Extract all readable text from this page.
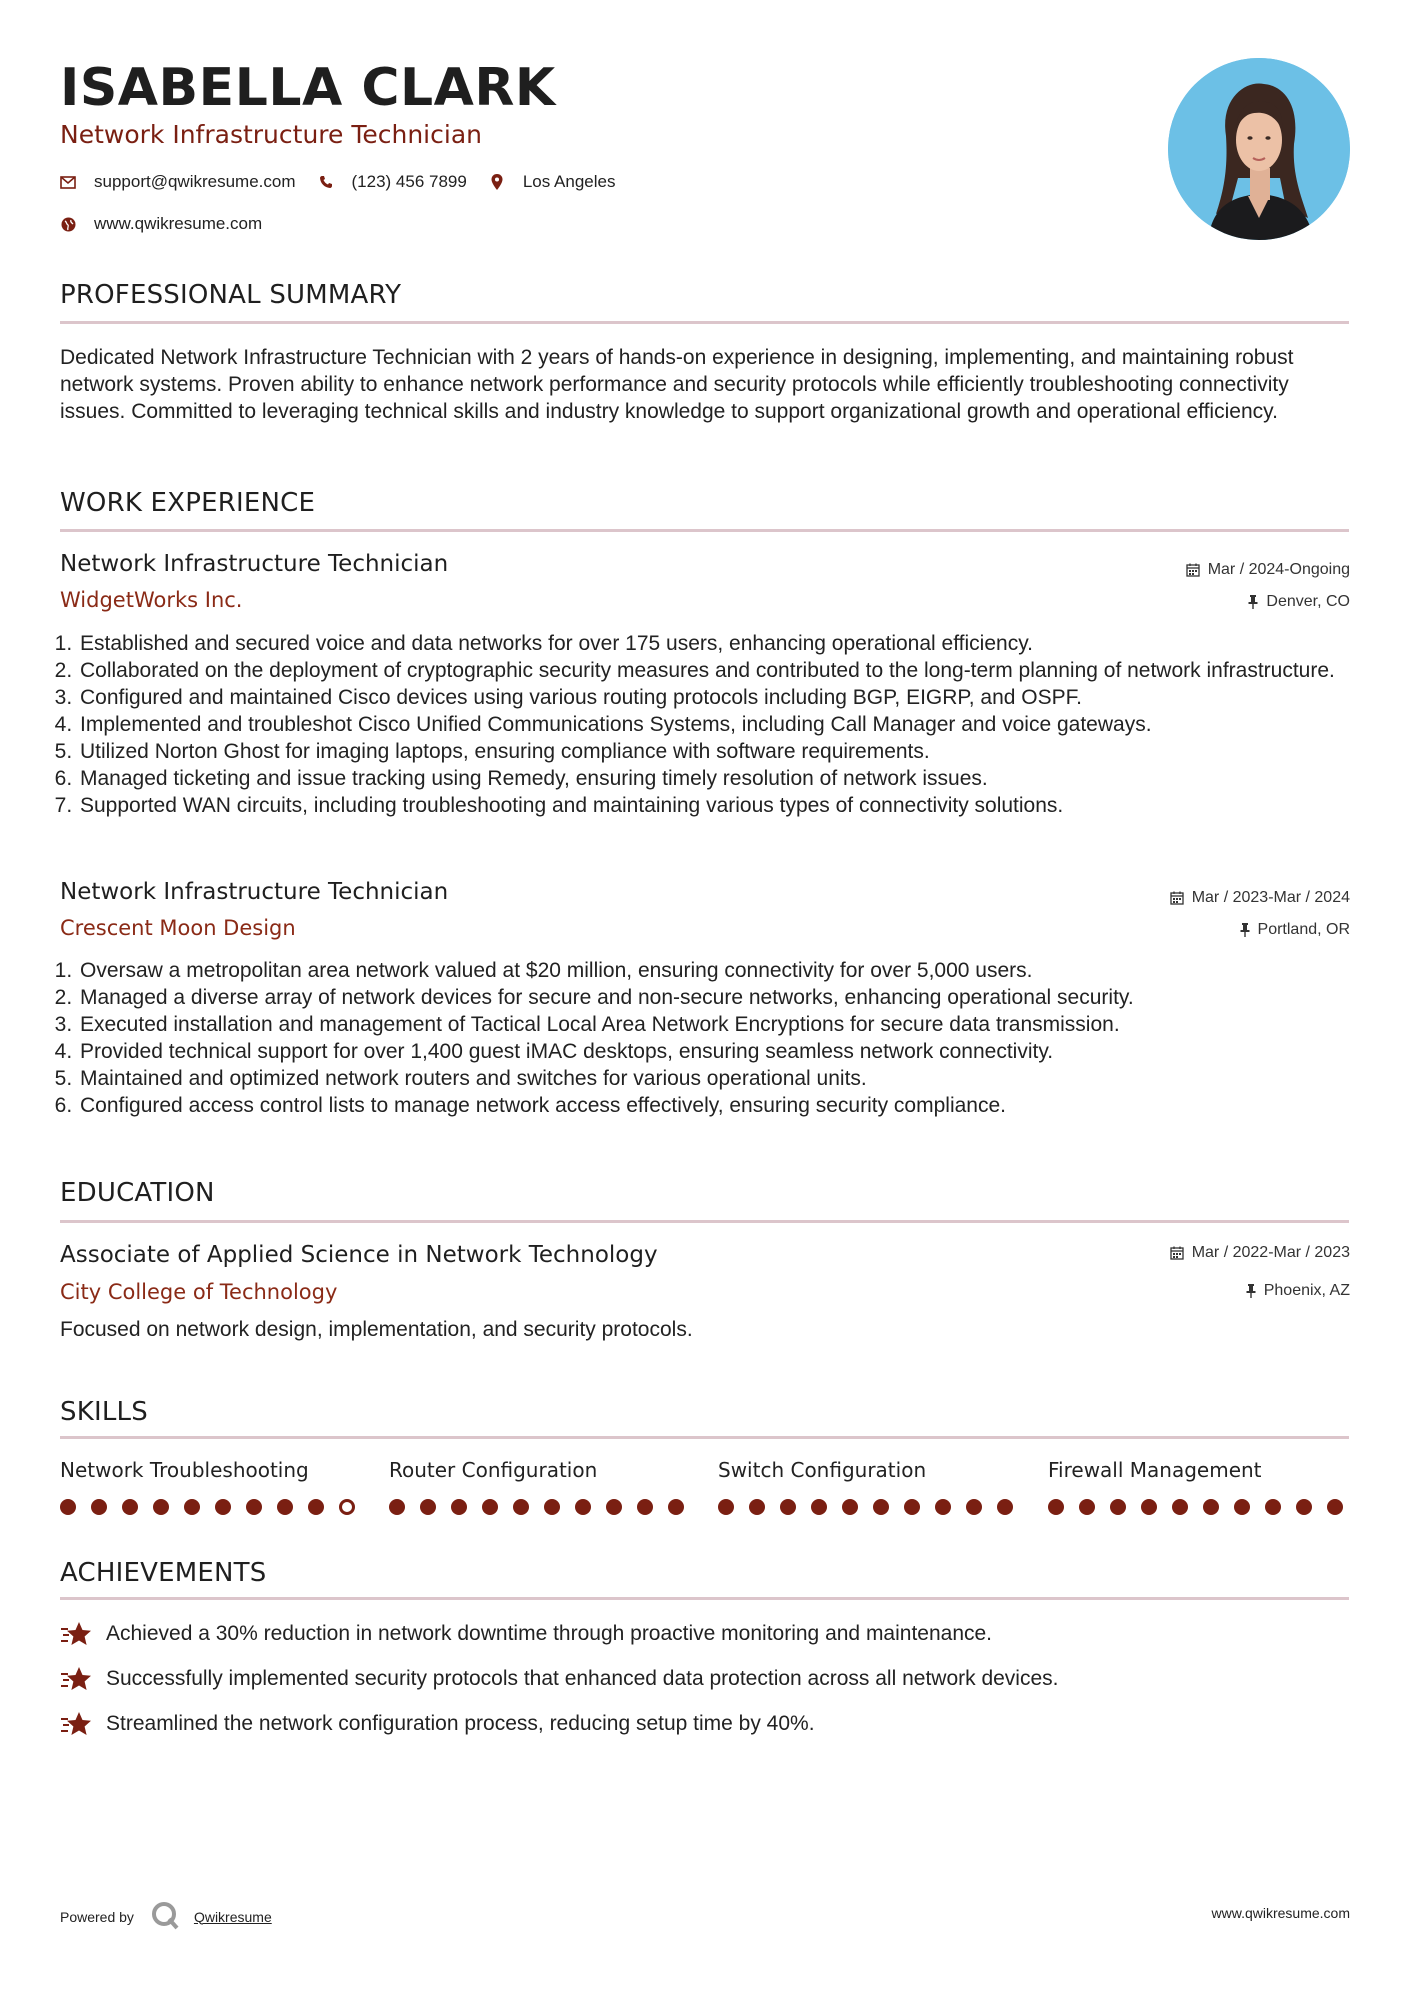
ISABELLA CLARK
Network Infrastructure Technician
support@qwikresume.com	(123) 456 7899	Los Angeles
www.qwikresume.com
PROFESSIONAL SUMMARY
Dedicated Network Infrastructure Technician with 2 years of hands-on experience in designing, implementing, and maintaining robust network systems. Proven ability to enhance network performance and security protocols while efficiently troubleshooting connectivity issues. Committed to leveraging technical skills and industry knowledge to support organizational growth and operational efficiency.
WORK EXPERIENCE
Network Infrastructure Technician	Mar / 2024-Ongoing
WidgetWorks Inc.	Denver, CO
1. Established and secured voice and data networks for over 175 users, enhancing operational efficiency.
2. Collaborated on the deployment of cryptographic security measures and contributed to the long-term planning of network infrastructure.
3. Configured and maintained Cisco devices using various routing protocols including BGP, EIGRP, and OSPF.
4. Implemented and troubleshot Cisco Unified Communications Systems, including Call Manager and voice gateways.
5. Utilized Norton Ghost for imaging laptops, ensuring compliance with software requirements.
6. Managed ticketing and issue tracking using Remedy, ensuring timely resolution of network issues.
7. Supported WAN circuits, including troubleshooting and maintaining various types of connectivity solutions.
Network Infrastructure Technician	Mar / 2023-Mar / 2024
Crescent Moon Design	Portland, OR
1. Oversaw a metropolitan area network valued at $20 million, ensuring connectivity for over 5,000 users.
2. Managed a diverse array of network devices for secure and non-secure networks, enhancing operational security.
3. Executed installation and management of Tactical Local Area Network Encryptions for secure data transmission.
4. Provided technical support for over 1,400 guest iMAC desktops, ensuring seamless network connectivity.
5. Maintained and optimized network routers and switches for various operational units.
6. Configured access control lists to manage network access effectively, ensuring security compliance.
EDUCATION
Associate of Applied Science in Network Technology	Mar / 2022-Mar / 2023
City College of Technology	Phoenix, AZ
Focused on network design, implementation, and security protocols.
SKILLS
Network Troubleshooting	Router Configuration	Switch Configuration	Firewall Management
ACHIEVEMENTS
Achieved a 30% reduction in network downtime through proactive monitoring and maintenance.
Successfully implemented security protocols that enhanced data protection across all network devices.
Streamlined the network configuration process, reducing setup time by 40%.
Powered by	Qwikresume	www.qwikresume.com
